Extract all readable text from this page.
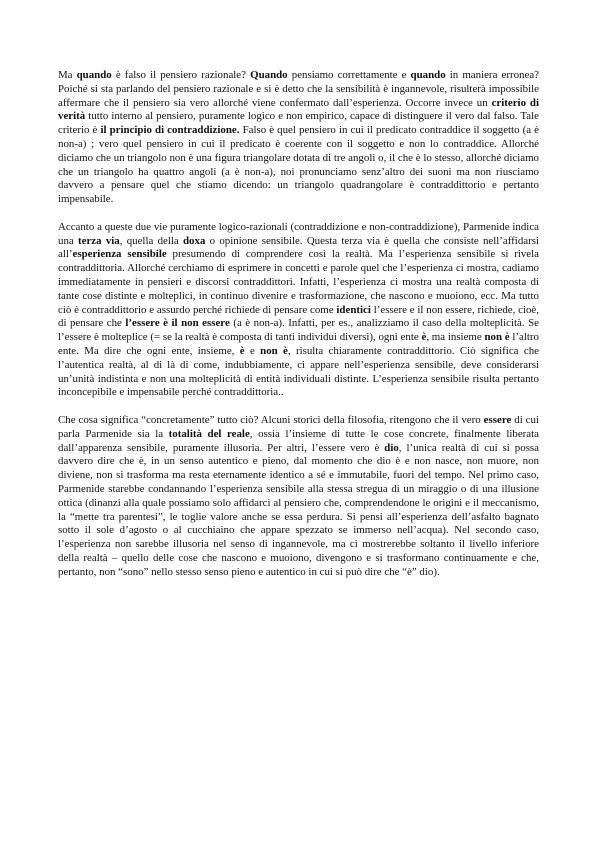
Ma quando è falso il pensiero razionale? Quando pensiamo correttamente e quando in maniera erronea? Poiché si sta parlando del pensiero razionale e si è detto che la sensibilità è ingannevole, risulterà impossibile affermare che il pensiero sia vero allorché viene confermato dall’esperienza. Occorre invece un criterio di verità tutto interno al pensiero, puramente logico e non empirico, capace di distinguere il vero dal falso. Tale criterio è il principio di contraddizione. Falso è quel pensiero in cui il predicato contraddice il soggetto (a è non-a) ; vero quel pensiero in cui il predicato è coerente con il soggetto e non lo contraddice. Allorché diciamo che un triangolo non è una figura triangolare dotata di tre angoli o, il che è lo stesso, allorché diciamo che un triangolo ha quattro angoli (a è non-a), noi pronunciamo senz’altro dei suoni ma non riusciamo davvero a pensare quel che stiamo dicendo: un triangolo quadrangolare è contraddittorio e pertanto impensabile.

Accanto a queste due vie puramente logico-razionali (contraddizione e non-contraddizione), Parmenide indica una terza via, quella della doxa o opinione sensibile. Questa terza via è quella che consiste nell’affidarsi all’esperienza sensibile presumendo di comprendere così la realtà. Ma l’esperienza sensibile si rivela contraddittoria. Allorché cerchiamo di esprimere in concetti e parole quel che l’esperienza ci mostra, cadiamo immediatamente in pensieri e discorsi contraddittori. Infatti, l’esperienza ci mostra una realtà composta di tante cose distinte e molteplici, in continuo divenire e trasformazione, che nascono e muoiono, ecc. Ma tutto ciò è contraddittorio e assurdo perché richiede di pensare come identici l’essere e il non essere, richiede, cioè, di pensare che l’essere è il non essere (a è non-a). Infatti, per es., analizziamo il caso della molteplicità. Se l’essere è molteplice (= se la realtà è composta di tanti individui diversi), ogni ente è, ma insieme non è l’altro ente. Ma dire che ogni ente, insieme, è e non è, risulta chiaramente contraddittorio. Ciò significa che l’autentica realtà, al di là di come, indubbiamente, ci appare nell’esperienza sensibile, deve considerarsi un’unità indistinta e non una molteplicità di entità individuali distinte. L’esperienza sensibile risulta pertanto inconcepibile e impensabile perché contraddittoria..

Che cosa significa “concretamente” tutto ciò? Alcuni storici della filosofia, ritengono che il vero essere di cui parla Parmenide sia la totalità del reale, ossia l’insieme di tutte le cose concrete, finalmente liberata dall’apparenza sensibile, puramente illusoria. Per altri, l’essere vero è dio, l’unica realtà di cui si possa davvero dire che è, in un senso autentico e pieno, dal momento che dio è e non nasce, non muore, non diviene, non si trasforma ma resta eternamente identico a sé e immutabile, fuori del tempo. Nel primo caso, Parmenide starebbe condannando l’esperienza sensibile alla stessa stregua di un miraggio o di una illusione ottica (dinanzi alla quale possiamo solo affidarci al pensiero che, comprendendone le origini e il meccanismo, la “mette tra parentesi”, le toglie valore anche se essa perdura. Si pensi all’esperienza dell’asfalto bagnato sotto il sole d’agosto o al cucchiaino che appare spezzato se immerso nell’acqua). Nel secondo caso, l’esperienza non sarebbe illusoria nel senso di ingannevole, ma ci mostrerebbe soltanto il livello inferiore della realtà – quello delle cose che nascono e muoiono, divengono e si trasformano continuamente e che, pertanto, non “sono” nello stesso senso pieno e autentico in cui si può dire che “è” dio).
